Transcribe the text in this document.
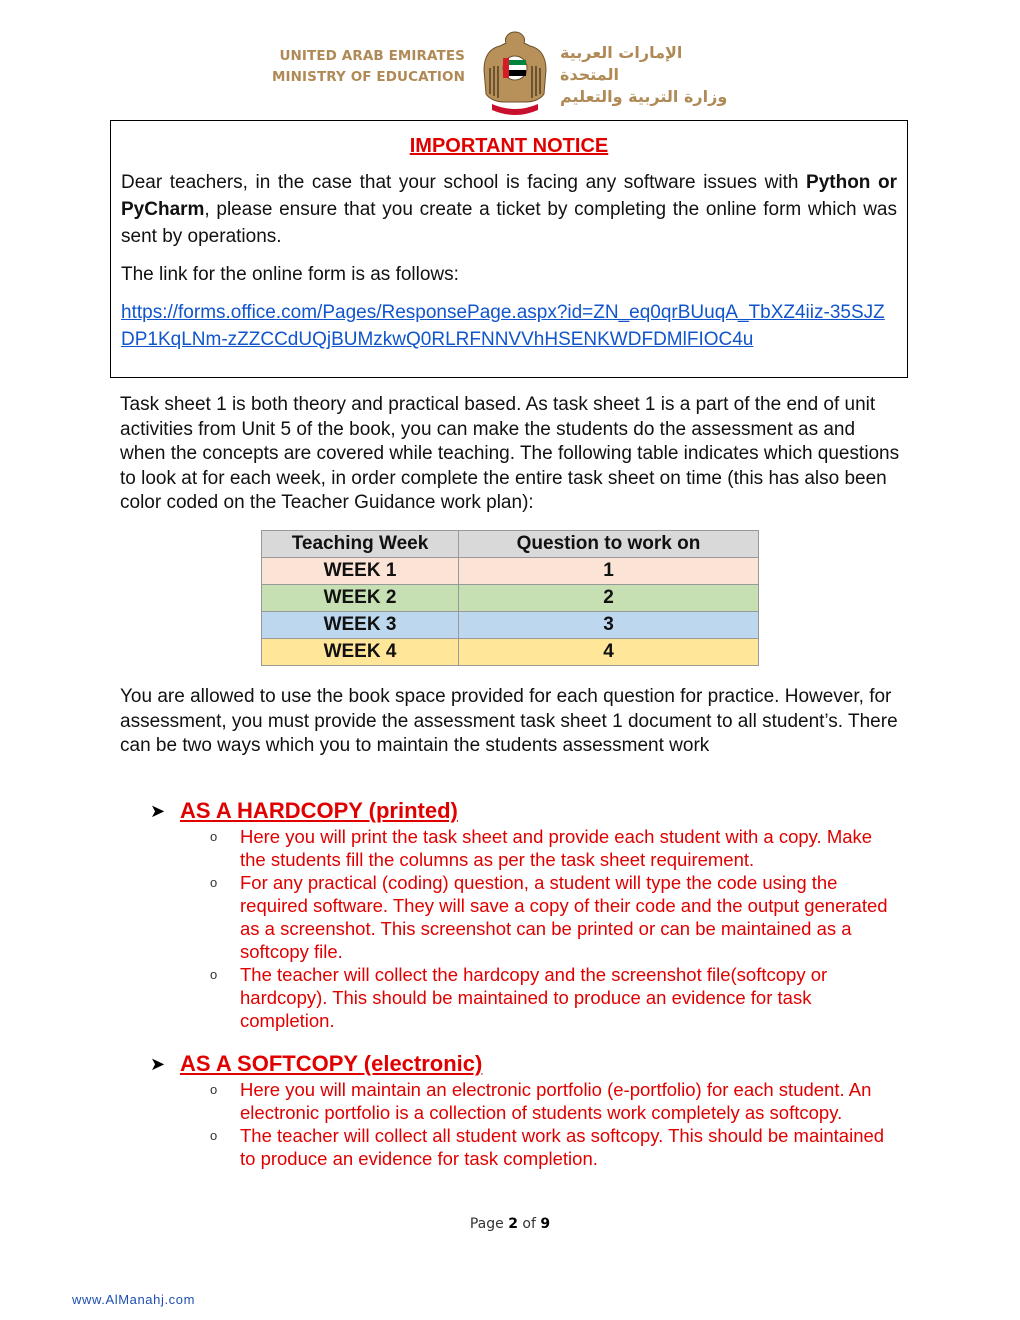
UNITED ARAB EMIRATES
MINISTRY OF EDUCATION
الإمارات العربية المتحدة
وزارة التربية والتعليم
IMPORTANT NOTICE

Dear teachers, in the case that your school is facing any software issues with Python or PyCharm, please ensure that you create a ticket by completing the online form which was sent by operations.

The link for the online form is as follows:

https://forms.office.com/Pages/ResponsePage.aspx?id=ZN_eq0qrBUuqA_TbXZ4iiz-35SJZDP1KqLNm-zZZCCdUQjBUMzkwQ0RLRFNNVVhHSENKWDFDMlFIOC4u

Task sheet 1 is both theory and practical based. As task sheet 1 is a part of the end of unit activities from Unit 5 of the book, you can make the students do the assessment as and when the concepts are covered while teaching. The following table indicates which questions to look at for each week, in order complete the entire task sheet on time (this has also been color coded on the Teacher Guidance work plan):

Teaching Week	Question to work on
WEEK 1	1
WEEK 2	2
WEEK 3	3
WEEK 4	4

You are allowed to use the book space provided for each question for practice. However, for assessment, you must provide the assessment task sheet 1 document to all student’s. There can be two ways which you to maintain the students assessment work

➤ AS A HARDCOPY (printed)
o Here you will print the task sheet and provide each student with a copy. Make the students fill the columns as per the task sheet requirement.
o For any practical (coding) question, a student will type the code using the required software. They will save a copy of their code and the output generated as a screenshot. This screenshot can be printed or can be maintained as a softcopy file.
o The teacher will collect the hardcopy and the screenshot file(softcopy or hardcopy). This should be maintained to produce an evidence for task completion.
➤ AS A SOFTCOPY (electronic)
o Here you will maintain an electronic portfolio (e-portfolio) for each student. An electronic portfolio is a collection of students work completely as softcopy.
o The teacher will collect all student work as softcopy. This should be maintained to produce an evidence for task completion.
Page 2 of 9
www.AlManahj.com
